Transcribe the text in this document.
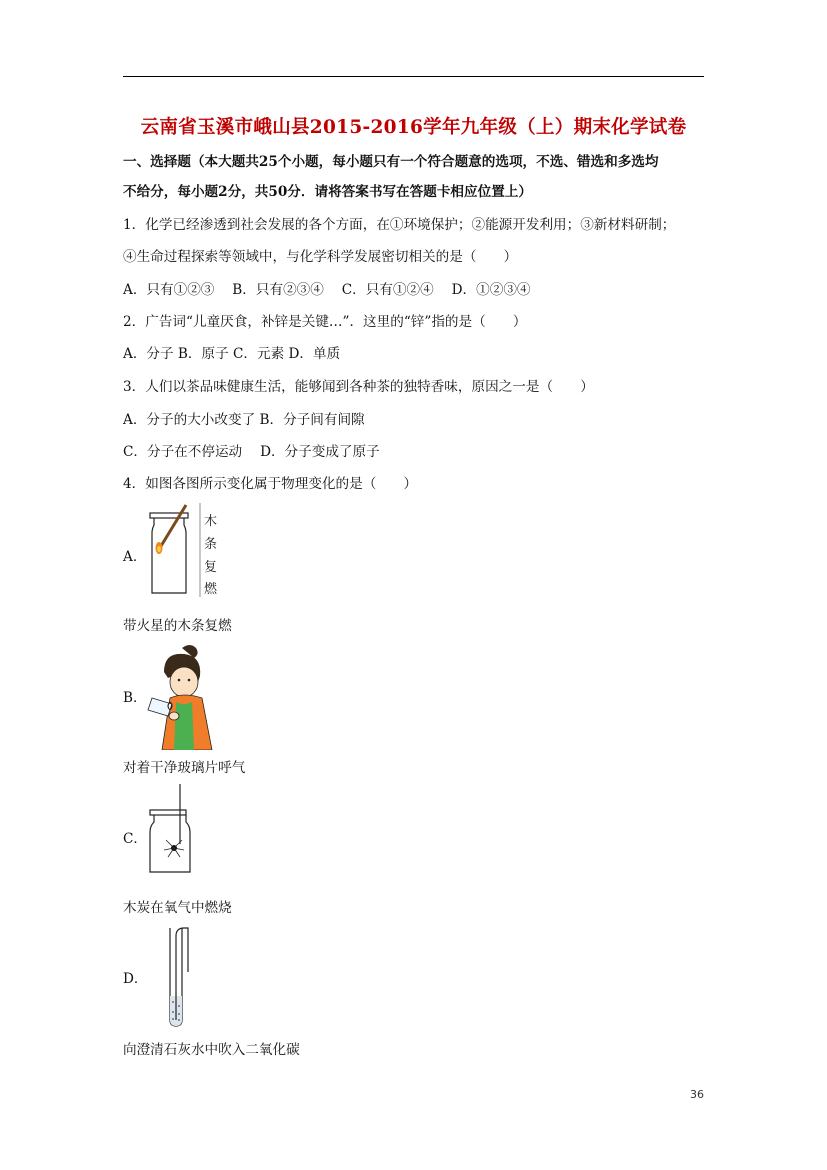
云南省玉溪市峨山县2015-2016学年九年级（上）期末化学试卷
一、选择题（本大题共25个小题，每小题只有一个符合题意的选项，不选、错选和多选均
不给分，每小题2分，共50分．请将答案书写在答题卡相应位置上）
1．化学已经渗透到社会发展的各个方面，在①环境保护；②能源开发利用；③新材料研制；
④生命过程探索等领域中，与化学科学发展密切相关的是（　　）
A．只有①②③　 B．只有②③④　 C．只有①②④　 D．①②③④
2．广告词“儿童厌食，补锌是关键…”．这里的“锌”指的是（　　）
A．分子 B．原子 C．元素 D．单质
3．人们以茶品味健康生活，能够闻到各种茶的独特香味，原因之一是（　　）
A．分子的大小改变了 B．分子间有间隙
C．分子在不停运动　 D．分子变成了原子
4．如图各图所示变化属于物理变化的是（　　）
A．
木
条
复
燃
带火星的木条复燃
B．
对着干净玻璃片呼气
C．
木炭在氧气中燃烧
D．
向澄清石灰水中吹入二氧化碳
36
